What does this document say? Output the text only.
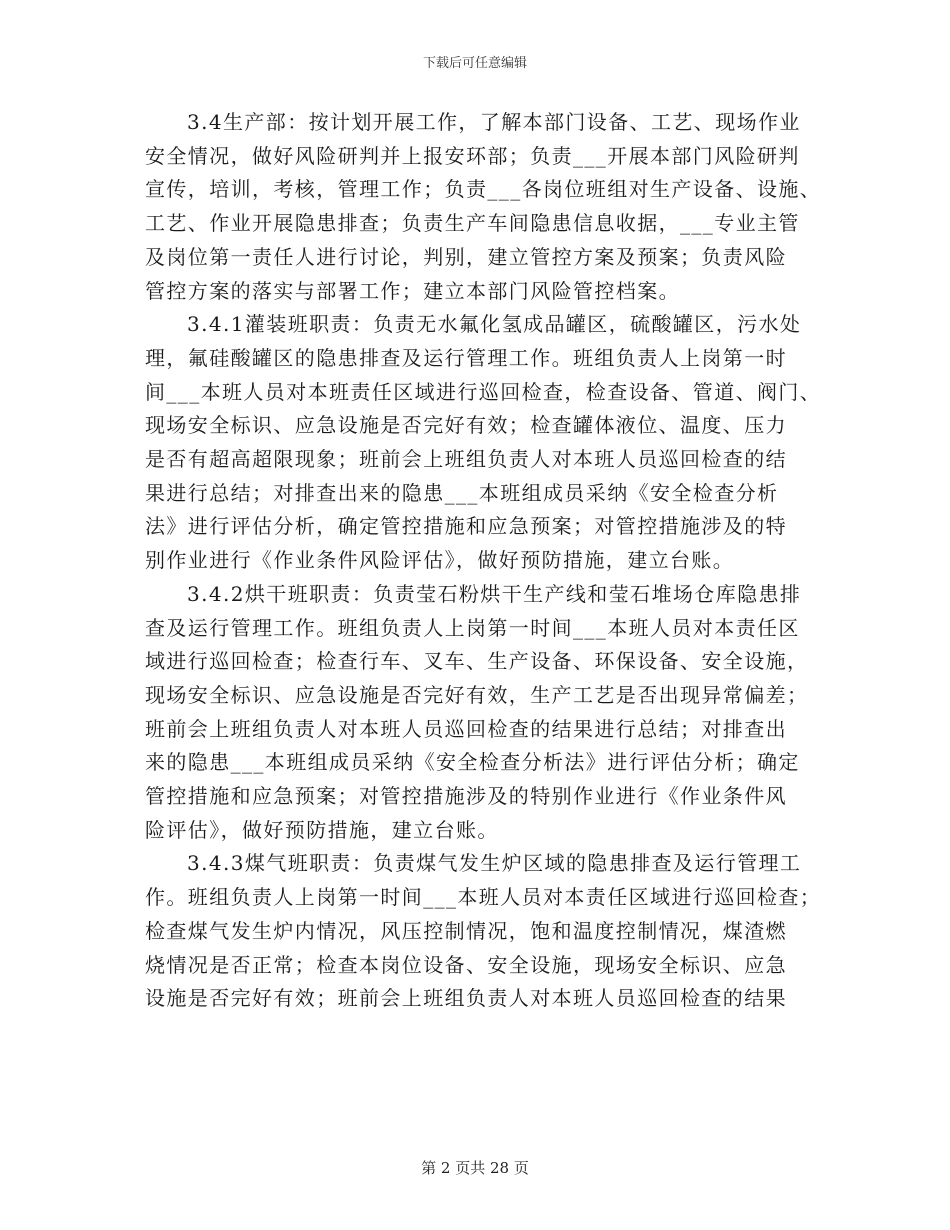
下载后可任意编辑

3.4生产部：按计划开展工作，了解本部门设备、工艺、现场作业
安全情况，做好风险研判并上报安环部；负责___开展本部门风险研判
宣传，培训，考核，管理工作；负责___各岗位班组对生产设备、设施、
工艺、作业开展隐患排查；负责生产车间隐患信息收据，___专业主管
及岗位第一责任人进行讨论，判别，建立管控方案及预案；负责风险
管控方案的落实与部署工作；建立本部门风险管控档案。

3.4.1灌装班职责：负责无水氟化氢成品罐区，硫酸罐区，污水处
理，氟硅酸罐区的隐患排查及运行管理工作。班组负责人上岗第一时
间___本班人员对本班责任区域进行巡回检查，检查设备、管道、阀门、
现场安全标识、应急设施是否完好有效；检查罐体液位、温度、压力
是否有超高超限现象；班前会上班组负责人对本班人员巡回检查的结
果进行总结；对排查出来的隐患___本班组成员采纳《安全检查分析
法》进行评估分析，确定管控措施和应急预案；对管控措施涉及的特
别作业进行《作业条件风险评估》，做好预防措施，建立台账。

3.4.2烘干班职责：负责莹石粉烘干生产线和莹石堆场仓库隐患排
查及运行管理工作。班组负责人上岗第一时间___本班人员对本责任区
域进行巡回检查；检查行车、叉车、生产设备、环保设备、安全设施，
现场安全标识、应急设施是否完好有效，生产工艺是否出现异常偏差；
班前会上班组负责人对本班人员巡回检查的结果进行总结；对排查出
来的隐患___本班组成员采纳《安全检查分析法》进行评估分析；确定
管控措施和应急预案；对管控措施涉及的特别作业进行《作业条件风
险评估》，做好预防措施，建立台账。

3.4.3煤气班职责：负责煤气发生炉区域的隐患排查及运行管理工
作。班组负责人上岗第一时间___本班人员对本责任区域进行巡回检查；
检查煤气发生炉内情况，风压控制情况，饱和温度控制情况，煤渣燃
烧情况是否正常；检查本岗位设备、安全设施，现场安全标识、应急
设施是否完好有效；班前会上班组负责人对本班人员巡回检查的结果

第 2 页共 28 页
